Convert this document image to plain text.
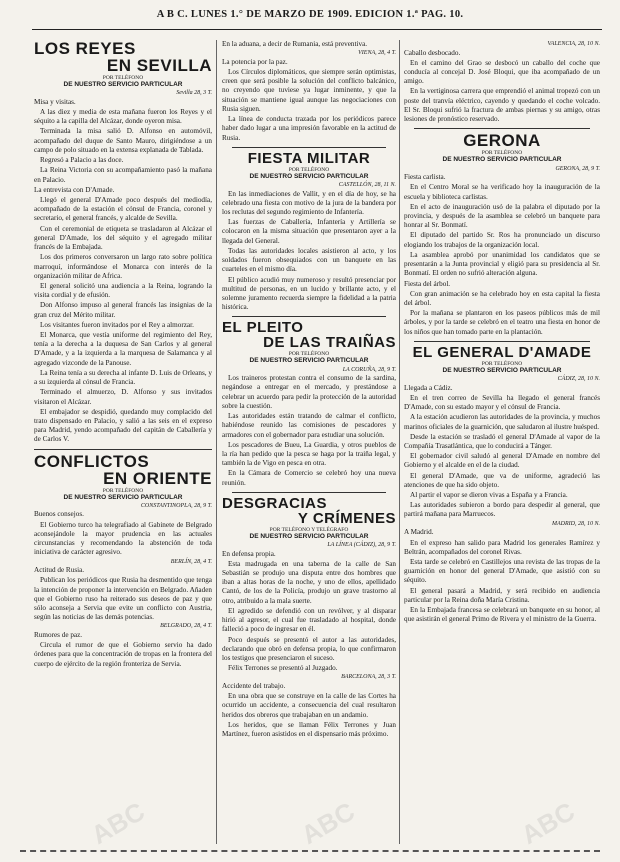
A B C. LUNES 1.° DE MARZO DE 1909. EDICION 1.ª PAG. 10.
LOS REYES
EN SEVILLA
POR TELÉFONO
DE NUESTRO SERVICIO PARTICULAR
Sevilla 28, 3 T.

Misa y visitas.

A las diez y media de esta mañana fueron los Reyes y el séquito a la capilla del Alcázar, donde oyeron misa.

Terminada la misa salió D. Alfonso en automóvil, acompañado del duque de Santo Mauro, dirigiéndose a un campo de polo situado en la extensa explanada de Tablada.

Regresó a Palacio a las doce.

La Reina Victoria con su acompañamiento pasó la mañana en Palacio.

La entrevista con D'Amade.

Llegó el general D'Amade poco después del mediodía, acompañado de la estación el cónsul de Francia, coronel y secretario, el general francés, y alcalde de Sevilla.

Con el ceremonial de etiqueta se trasladaron al Alcázar el general D'Amade, los del séquito y el agregado militar francés de la Embajada.

Los dos primeros conversaron un largo rato sobre política marroquí, informándose el Monarca con interés de la organización militar de Africa.

El general solicitó una audiencia a la Reina, logrando la visita cordial y de efusión.

Don Alfonso impuso al general francés las insignias de la gran cruz del Mérito militar.

Los visitantes fueron invitados por el Rey a almorzar.

El Monarca, que vestía uniforme del regimiento del Rey, tenía a la derecha a la duquesa de San Carlos y al general D'Amade, y a la izquierda a la marquesa de Salamanca y al agregado vizconde de la Panouse.

La Reina tenía a su derecha al infante D. Luis de Orleans, y a su izquierda al cónsul de Francia.

Terminado el almuerzo, D. Alfonso y sus invitados visitaron el Alcázar.

El embajador se despidió, quedando muy complacido del trato dispensado en Palacio, y salió a las seis en el expreso para Madrid, yendo acompañado del capitán de Caballería y de Carlos V.

CONFLICTOS
EN ORIENTE
POR TELÉFONO
DE NUESTRO SERVICIO PARTICULAR
CONSTANTINOPLA, 28, 9 T.

Buenos consejos.

El Gobierno turco ha telegrafiado al Gabinete de Belgrado aconsejándole la mayor prudencia en las actuales circunstancias y recomendando la abstención de toda iniciativa de carácter agresivo.

BERLÍN, 28, 4 T.

Actitud de Rusia.

Publican los periódicos que Rusia ha desmentido que tenga la intención de proponer la intervención en Belgrado. Añaden que el Gobierno ruso ha reiterado sus deseos de paz y que sólo aconseja a Servia que evite un conflicto con Austria, según las noticias de las demás potencias.

BELGRADO, 28, 4 T.

Rumores de paz.

Circula el rumor de que el Gobierno servio ha dado órdenes para que la concentración de tropas en la frontera del cuerpo de ejército de la región fronteriza de Servia.

En la aduana, a decir de Rumania, está preventiva.

VIENA, 28, 4 T.

La potencia por la paz.

Los Círculos diplomáticos, que siempre serán optimistas, creen que será posible la solución del conflicto balcánico, no creyendo que tuviese ya lugar inminente, y que la situación se mantiene igual aunque las negociaciones con Rusia siguen.

La línea de conducta trazada por los periódicos parece haber dado lugar a una impresión favorable en la actitud de Rusia.

FIESTA MILITAR
POR TELÉFONO
DE NUESTRO SERVICIO PARTICULAR
CASTELLÓN, 28, 11 N.

En las inmediaciones de Vallit, y en el día de hoy, se ha celebrado una fiesta con motivo de la jura de la bandera por los reclutas del segundo regimiento de Infantería.

Las fuerzas de Caballería, Infantería y Artillería se colocaron en la misma situación que presentaron ayer a la llegada del General.

Todas las autoridades locales asistieron al acto, y los soldados fueron obsequiados con un banquete en las cuarteles en el mismo día.

El público acudió muy numeroso y resultó presenciar por multitud de personas, en un lucido y brillante acto, y el solemne juramento recuerda siempre la fidelidad a la patria histórica.

EL PLEITO
DE LAS TRAIÑAS
POR TELÉFONO
DE NUESTRO SERVICIO PARTICULAR
LA CORUÑA, 28, 9 T.

Los traineros protestan contra el consumo de la sardina, negándose a entregar en el mercado, y prestándose a celebrar un acuerdo para pedir la protección de la autoridad sobre la cuestión.

Las autoridades están tratando de calmar el conflicto, habiéndose reunido las comisiones de pescadores y armadores con el gobernador para estudiar una solución.

Los pescadores de Bueu, La Guardia, y otros pueblos de la ría han pedido que la pesca se haga por la traiña legal, y también la de Vigo en pesca en otra.

En la Cámara de Comercio se celebró hoy una nueva reunión.

DESGRACIAS
Y CRÍMENES
POR TELÉFONO Y TELÉGRAFO
DE NUESTRO SERVICIO PARTICULAR
LA LÍNEA (CÁDIZ), 28, 9 T.

En defensa propia.

Esta madrugada en una taberna de la calle de San Sebastián se produjo una disputa entre dos hombres que iban a altas horas de la noche, y uno de ellos, apellidado Cantó, de los de la Policía, produjo un grave trastorno al otro, atribuido a la mala suerte.

El agredido se defendió con un revólver, y al disparar hirió al agresor, el cual fue trasladado al hospital, donde falleció a poco de ingresar en él.

Poco después se presentó el autor a las autoridades, declarando que obró en defensa propia, lo que confirmaron los testigos que presenciaron el suceso.

Félix Terrones se presentó al Juzgado.

BARCELONA, 28, 3 T.

Accidente del trabajo.

En una obra que se construye en la calle de las Cortes ha ocurrido un accidente, a consecuencia del cual resultaron heridos dos obreros que trabajaban en un andamio.

Los heridos, que se llaman Félix Terrones y Juan Martínez, fueron asistidos en el dispensario más próximo.

VALENCIA, 28, 10 N.

Caballo desbocado.

En el camino del Grao se desbocó un caballo del coche que conducía al concejal D. José Bloqui, que iba acompañado de un amigo.

En la vertiginosa carrera que emprendió el animal tropezó con un poste del tranvía eléctrico, cayendo y quedando el coche volcado. El Sr. Bloqui sufrió la fractura de ambas piernas y su amigo, otras lesiones de pronóstico reservado.

GERONA
POR TELÉFONO
DE NUESTRO SERVICIO PARTICULAR
GERONA, 28, 9 T.

Fiesta carlista.

En el Centro Moral se ha verificado hoy la inauguración de la escuela y biblioteca carlistas.

En el acto de inauguración usó de la palabra el diputado por la provincia, y después de la asamblea se celebró un banquete para honrar al Sr. Bonmatí.

El diputado del partido Sr. Ros ha pronunciado un discurso elogiando los trabajos de la organización local.

La asamblea aprobó por unanimidad los candidatos que se presentarán a la Junta provincial y eligió para su presidencia al Sr. Bonmatí. El orden no sufrió alteración alguna.

Fiesta del árbol.

Con gran animación se ha celebrado hoy en esta capital la fiesta del árbol.

Por la mañana se plantaron en los paseos públicos más de mil árboles, y por la tarde se celebró en el teatro una fiesta en honor de los niños que han tomado parte en la plantación.

EL GENERAL D'AMADE
POR TELÉFONO
DE NUESTRO SERVICIO PARTICULAR
CÁDIZ, 28, 10 N.

Llegada a Cádiz.

En el tren correo de Sevilla ha llegado el general francés D'Amade, con su estado mayor y el cónsul de Francia.

A la estación acudieron las autoridades de la provincia, y muchos marinos oficiales de la guarnición, que saludaron al ilustre huésped.

Desde la estación se trasladó el general D'Amade al vapor de la Compañía Trasatlántica, que lo conducirá a Tánger.

El gobernador civil saludó al general D'Amade en nombre del Gobierno y el alcalde en el de la ciudad.

El general D'Amade, que va de uniforme, agradeció las atenciones de que ha sido objeto.

Al partir el vapor se dieron vivas a España y a Francia.

Las autoridades subieron a bordo para despedir al general, que partirá mañana para Marruecos.

MADRID, 28, 10 N.

A Madrid.

En el expreso han salido para Madrid los generales Ramírez y Beltrán, acompañados del coronel Rivas.

Esta tarde se celebró en Castillejos una revista de las tropas de la guarnición en honor del general D'Amade, que asistió con su séquito.

El general pasará a Madrid, y será recibido en audiencia particular por la Reina doña María Cristina.

En la Embajada francesa se celebrará un banquete en su honor, al que asistirán el general Primo de Rivera y el ministro de la Guerra.

ABC	ABC	ABC
